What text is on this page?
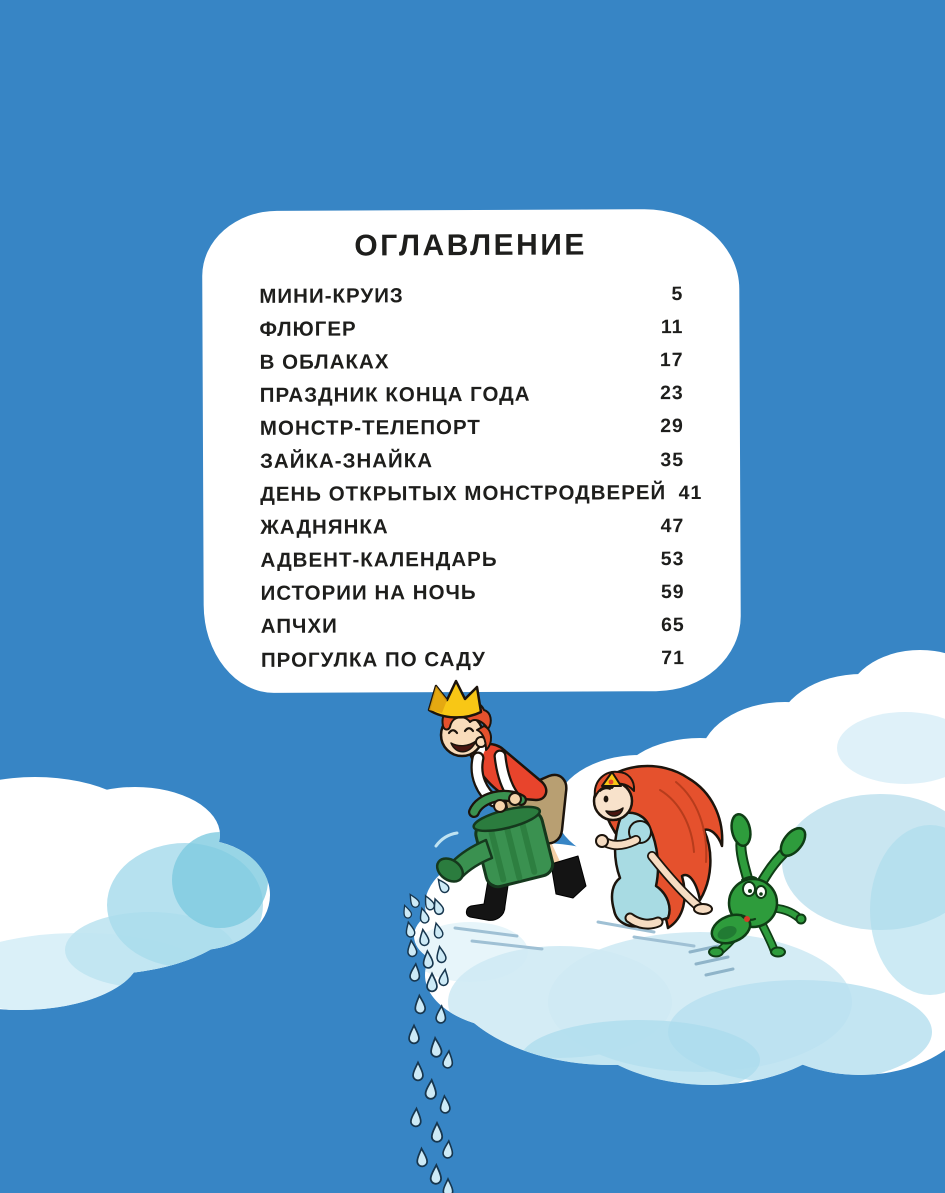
ОГЛАВЛЕНИЕ
МИНИ-КРУИЗ	5
ФЛЮГЕР	11
В ОБЛАКАХ	17
ПРАЗДНИК КОНЦА ГОДА	23
МОНСТР-ТЕЛЕПОРТ	29
ЗАЙКА-ЗНАЙКА	35
ДЕНЬ ОТКРЫТЫХ МОНСТРОДВЕРЕЙ 41
ЖАДНЯНКА	47
АДВЕНТ-КАЛЕНДАРЬ	53
ИСТОРИИ НА НОЧЬ	59
АПЧХИ	65
ПРОГУЛКА ПО САДУ	71
